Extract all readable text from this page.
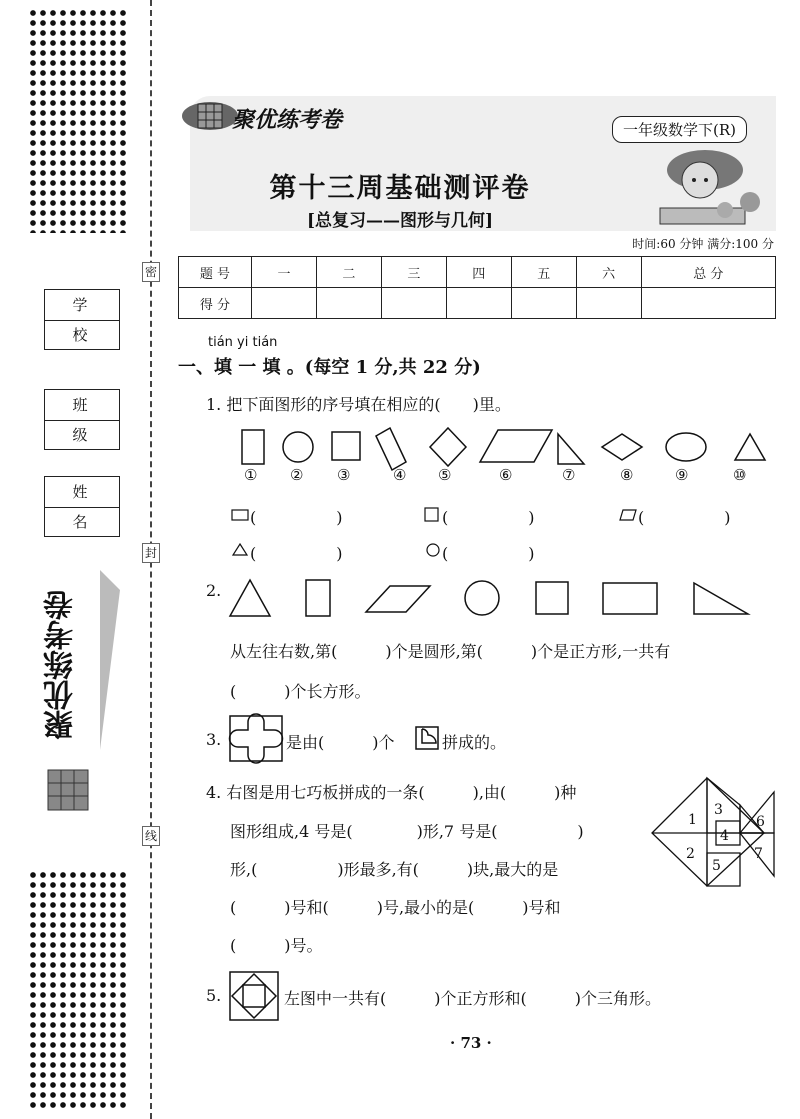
密
封
线
学 校
班 级
姓 名
聚优练考卷
聚优练考卷	一年级数学下(R)
第十三周基础测评卷
[总复习——图形与几何]
时间:60 分钟 满分:100 分
题 号	一	二	三	四	五	六	总 分
得 分							
tián yi tián
一、填 一 填 。(每空 1 分,共 22 分)
1. 把下面图形的序号填在相应的(　　)里。
① ② ③	④ ⑤	⑥	⑦	⑧	⑨	⑩
(　　　　　)	(　　　　　)	(　　　　　)
(　　　　　)	(　　　　　)
2.
从左往右数,第(　　　)个是圆形,第(　　　)个是正方形,一共有
(　　　)个长方形。
3.	是由(　　　)个	拼成的。
4. 右图是用七巧板拼成的一条(　　　),由(　　　)种
图形组成,4 号是(　　　　)形,7 号是(　　　　　)
形,(　　　　　)形最多,有(　　　)块,最大的是
(　　　)号和(　　　)号,最小的是(　　　)号和
(　　　)号。
1
2
3
4
5
6
7
5.	左图中一共有(　　　)个正方形和(　　　)个三角形。
· 73 ·
